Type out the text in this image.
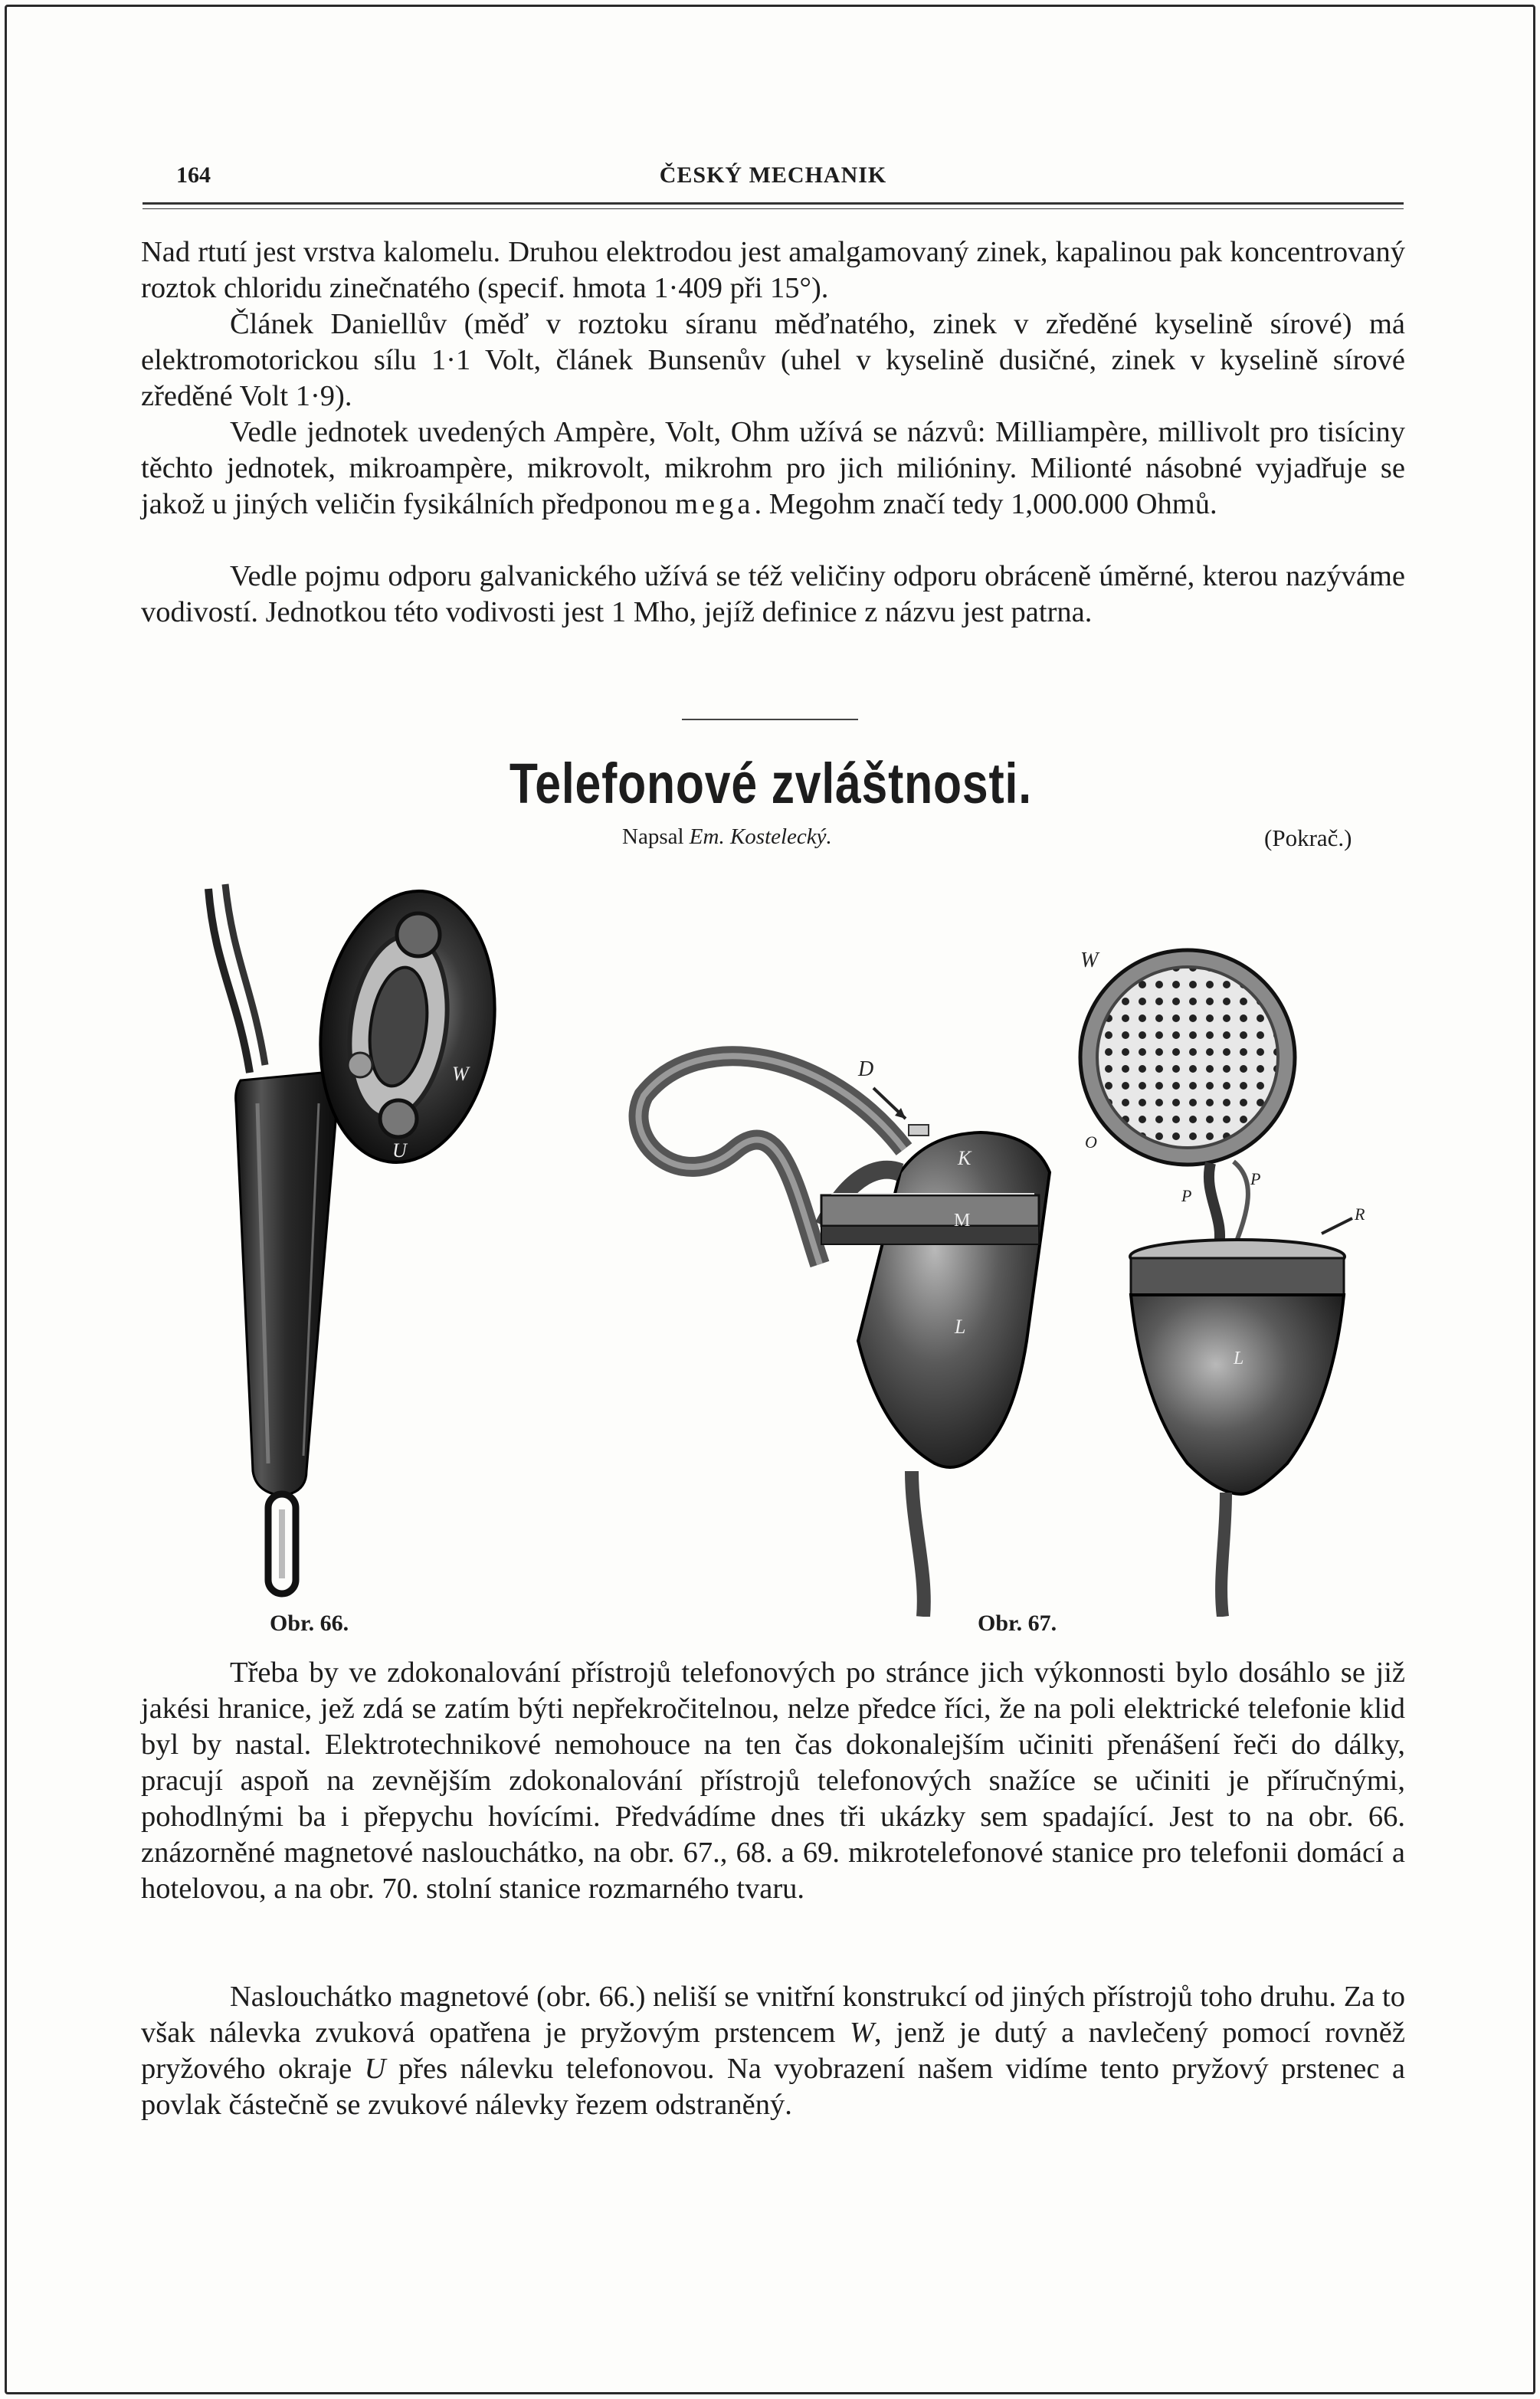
164	ČESKÝ MECHANIK

Nad rtutí jest vrstva kalomelu. Druhou elektrodou jest amalgamovaný zinek, kapalinou pak koncentrovaný roztok chloridu zinečnatého (specif. hmota 1·409 při 15°).

Článek Daniellův (měď v roztoku síranu měďnatého, zinek v zředěné kyselině sírové) má elektromotorickou sílu 1·1 Volt, článek Bunsenův (uhel v kyselině dusičné, zinek v kyselině sírové zředěné Volt 1·9).

Vedle jednotek uvedených Ampère, Volt, Ohm užívá se názvů: Milliampère, millivolt pro tisíciny těchto jednotek, mikroampère, mikrovolt, mikrohm pro jich milióniny. Milionté násobné vyjadřuje se jakož u jiných veličin fysikálních předponou mega. Megohm značí tedy 1,000.000 Ohmů.

Vedle pojmu odporu galvanického užívá se též veličiny odporu obráceně úměrné, kterou nazýváme vodivostí. Jednotkou této vodivosti jest 1 Mho, jejíž definice z názvu jest patrna.

Telefonové zvláštnosti.
Napsal Em. Kostelecký.	(Pokrač.)
W
U
Obr. 66.
D
K
M
L
W
O
P
P
R
L
Obr. 67.

Třeba by ve zdokonalování přístrojů telefonových po stránce jich výkonnosti bylo dosáhlo se již jakési hranice, jež zdá se zatím býti nepřekročitelnou, nelze předce říci, že na poli elektrické telefonie klid byl by nastal. Elektrotechnikové nemohouce na ten čas dokonalejším učiniti přenášení řeči do dálky, pracují aspoň na zevnějším zdokonalování přístrojů telefonových snažíce se učiniti je příručnými, pohodlnými ba i přepychu hovícími. Předvádíme dnes tři ukázky sem spadající. Jest to na obr. 66. znázorněné magnetové naslouchátko, na obr. 67., 68. a 69. mikrotelefonové stanice pro telefonii domácí a hotelovou, a na obr. 70. stolní stanice rozmarného tvaru.

Naslouchátko magnetové (obr. 66.) neliší se vnitřní konstrukcí od jiných přístrojů toho druhu. Za to však nálevka zvuková opatřena je pryžovým prstencem W, jenž je dutý a navlečený pomocí rovněž pryžového okraje U přes nálevku telefonovou. Na vyobrazení našem vidíme tento pryžový prstenec a povlak částečně se zvukové nálevky řezem odstraněný.
